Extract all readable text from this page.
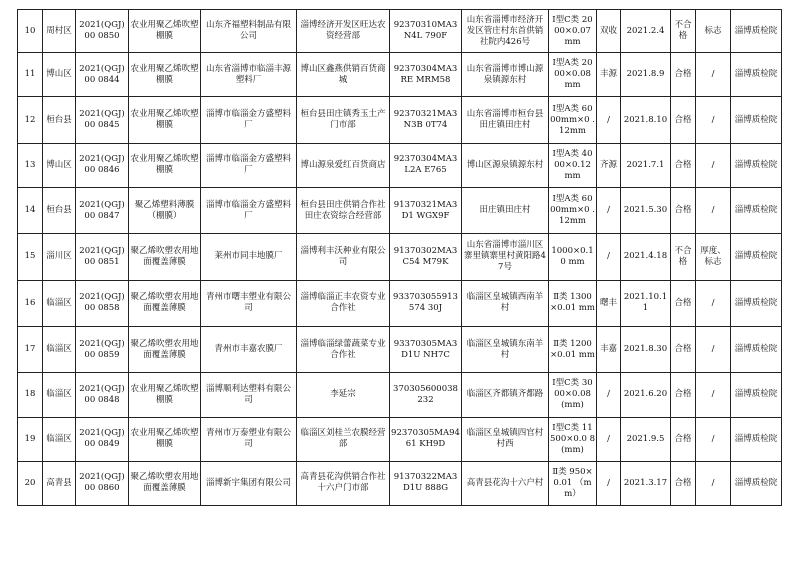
10	周村区	2021(QGJ)00 0850	农业用聚乙烯吹塑棚膜	山东齐福塑料制品有限公司	淄博经济开发区旺达农资经营部	92370310MA3N4L 790F	山东省淄博市经济开发区管庄村东首供销社院内426号	Ⅰ型C类 2000×0.07 mm	双收	2021.2.4	不合格	标志	淄博质检院
11	博山区	2021(QGJ)00 0844	农业用聚乙烯吹塑棚膜	山东省淄博市临淄丰源塑料厂	博山区鑫燕供销百货商城	92370304MA3RE MRM58	山东省淄博市博山源泉镇源东村	Ⅰ型A类 2000×0.08 mm	丰源	2021.8.9	合格	/	淄博质检院
12	桓台县	2021(QGJ)00 0845	农业用聚乙烯吹塑棚膜	淄博市临淄金方盛塑料厂	桓台县田庄镇秀玉土产门市部	92370321MA3N3B 0T74	山东省淄博市桓台县田庄镇田庄村	Ⅰ型A类 6000mm×0 .12mm	/	2021.8.10	合格	/	淄博质检院
13	博山区	2021(QGJ)00 0846	农业用聚乙烯吹塑棚膜	淄博市临淄金方盛塑料厂	博山源泉爱红百货商店	92370304MA3L2A E765	博山区源泉镇源东村	Ⅰ型A类 4000×0.12 mm	齐源	2021.7.1	合格	/	淄博质检院
14	桓台县	2021(QGJ)00 0847	聚乙烯塑料薄膜（棚膜）	淄博市临淄金方盛塑料厂	桓台县田庄供销合作社田庄农资综合经营部	91370321MA3D1 WGX9F	田庄镇田庄村	Ⅰ型A类 6000mm×0 .12mm	/	2021.5.30	合格	/	淄博质检院
15	淄川区	2021(QGJ)00 0851	聚乙烯吹塑农用地面覆盖薄膜	莱州市同丰地膜厂	淄博利丰沃种业有限公司	91370302MA3C54 M79K	山东省淄博市淄川区寨里镇寨里村黄阳路47号	1000×0.10 mm	/	2021.4.18	不合格	厚度、标志	淄博质检院
16	临淄区	2021(QGJ)00 0858	聚乙烯吹塑农用地面覆盖薄膜	青州市曙丰塑业有限公司	淄博临淄正丰农资专业合作社	933703055913574 30J	临淄区皇城镇西南羊村	Ⅱ类 1300×0.01 mm	曙丰	2021.10.1 1	合格	/	淄博质检院
17	临淄区	2021(QGJ)00 0859	聚乙烯吹塑农用地面覆盖薄膜	青州市丰嘉农膜厂	淄博临淄绿蕾蔬菜专业合作社	93370305MA3D1U NH7C	临淄区皇城镇东南羊村	Ⅱ类 1200×0.01 mm	丰嘉	2021.8.30	合格	/	淄博质检院
18	临淄区	2021(QGJ)00 0848	农业用聚乙烯吹塑棚膜	淄博顺利达塑料有限公司	李延宗	370305600038232	临淄区齐都镇齐都路	Ⅰ型C类 3000×0.08 (mm)	/	2021.6.20	合格	/	淄博质检院
19	临淄区	2021(QGJ)00 0849	农业用聚乙烯吹塑棚膜	青州市万泰塑业有限公司	临淄区刘桂兰农膜经营部	92370305MA9461 KH9D	临淄区皇城镇四官村村西	Ⅰ型C类 11500×0.0 8(mm)	/	2021.9.5	合格	/	淄博质检院
20	高青县	2021(QGJ)00 0860	聚乙烯吹塑农用地面覆盖薄膜	淄博新宇集团有限公司	高青县花沟供销合作社十六户门市部	91370322MA3D1U 888G	高青县花沟十六户村	Ⅱ类 950×0.01 （mm）	/	2021.3.17	合格	/	淄博质检院
